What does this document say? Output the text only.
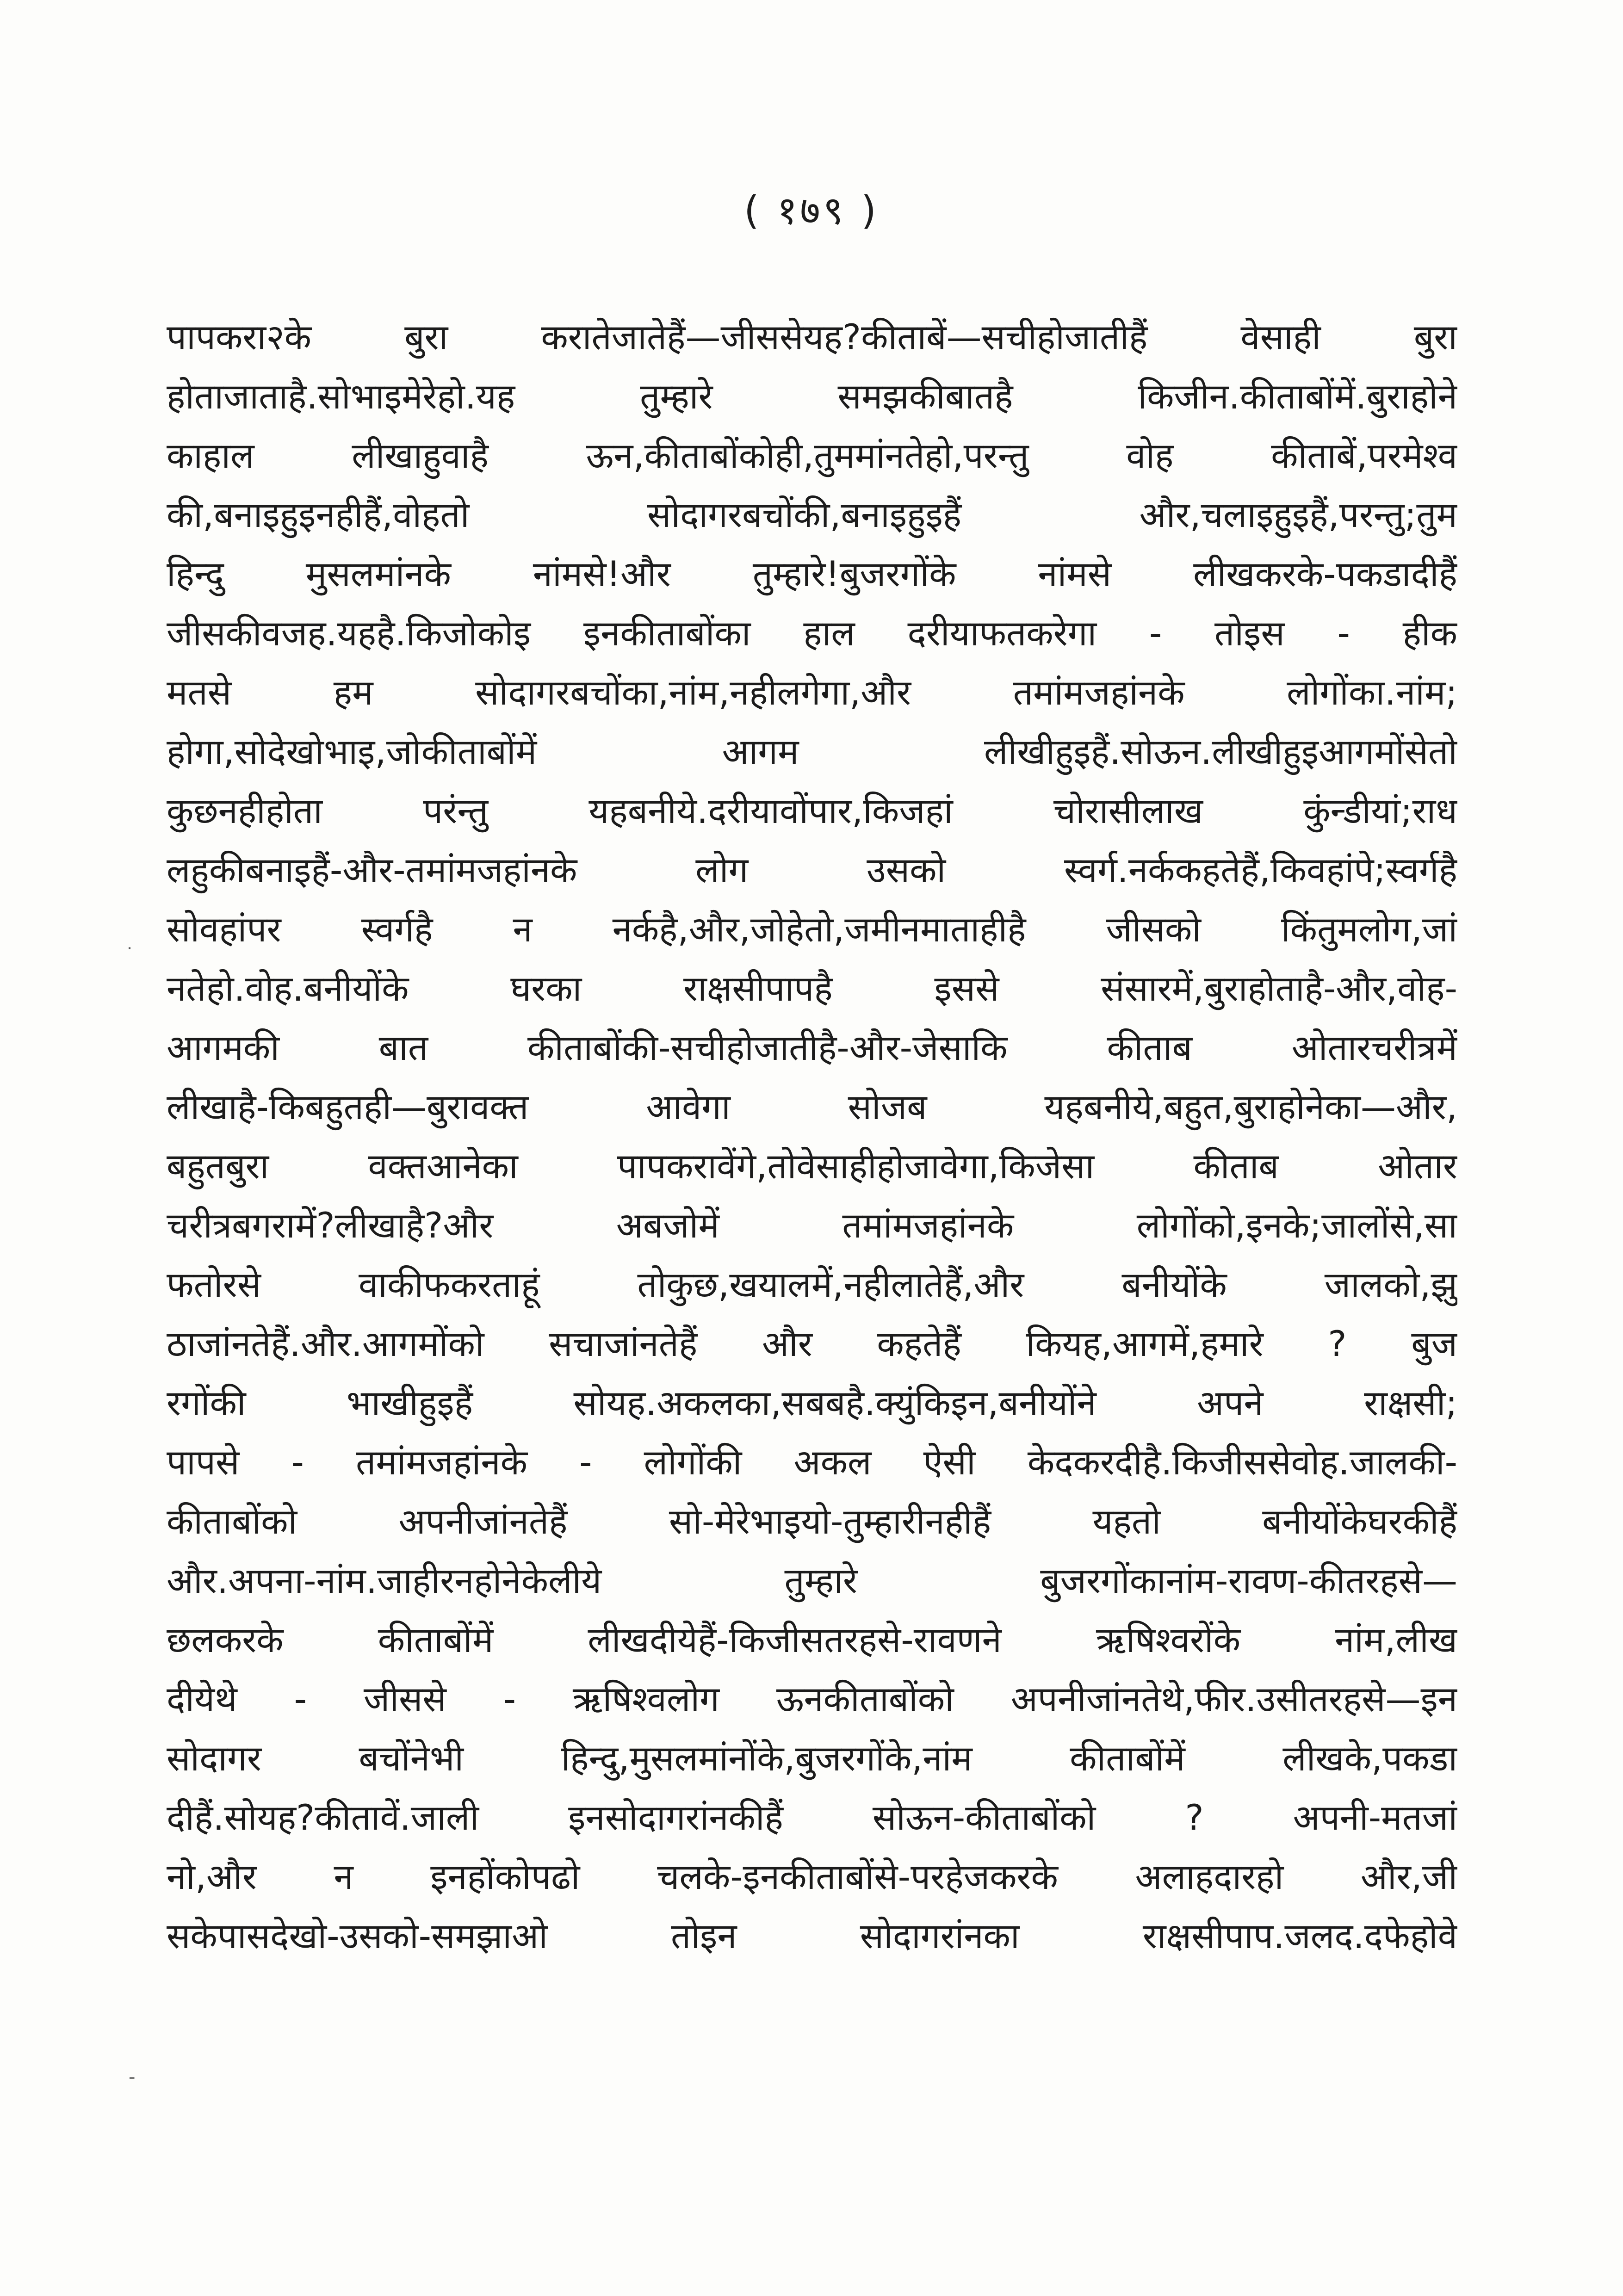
( १७९ )
˙
-
पापकरा२के बुरा करातेजातेहैं—जीससेयह?कीताबें—सचीहोजातीहैं वेसाही बुरा
होताजाताहै.सोभाइमेरेहो.यह तुम्हारे समझकीबातहै किजीन.कीताबोंमें.बुराहोने
काहाल लीखाहुवाहै ऊन,कीताबोंकोही,तुममांनतेहो,परन्तु वोह कीताबें,परमेश्व
की,बनाइहुइनहीहैं,वोहतो सोदागरबचोंकी,बनाइहुइहैं और,चलाइहुइहैं,परन्तु;तुम
हिन्दु मुसलमांनके नांमसे!और तुम्हारे!बुजरगोंके नांमसे लीखकरके-पकडादीहैं
जीसकीवजह.यहहै.किजोकोइ इनकीताबोंका हाल दरीयाफतकरेगा - तोइस - हीक
मतसे हम सोदागरबचोंका,नांम,नहीलगेगा,और तमांमजहांनके लोगोंका.नांम;
होगा,सोदेखोभाइ,जोकीताबोंमें आगम लीखीहुइहैं.सोऊन.लीखीहुइआगमोंसेतो
कुछनहीहोता परंन्तु यहबनीये.दरीयावोंपार,किजहां चोरासीलाख कुंन्डीयां;राध
लहुकीबनाइहैं-और-तमांमजहांनके लोग उसको स्वर्ग.नर्ककहतेहैं,किवहांपे;स्वर्गहै
सोवहांपर स्वर्गहै न नर्कहै,और,जोहेतो,जमीनमाताहीहै जीसको किंतुमलोग,जां
नतेहो.वोह.बनीयोंके घरका राक्षसीपापहै इससे संसारमें,बुराहोताहै-और,वोह-
आगमकी बात कीताबोंकी-सचीहोजातीहै-और-जेसाकि कीताब ओतारचरीत्रमें
लीखाहै-किबहुतही—बुरावक्त आवेगा सोजब यहबनीये,बहुत,बुराहोनेका—और,
बहुतबुरा वक्तआनेका पापकरावेंगे,तोवेसाहीहोजावेगा,किजेसा कीताब ओतार
चरीत्रबगरामें?लीखाहै?और अबजोमें तमांमजहांनके लोगोंको,इनके;जालोंसे,सा
फतोरसे वाकीफकरताहूं तोकुछ,खयालमें,नहीलातेहैं,और बनीयोंके जालको,झु
ठाजांनतेहैं.और.आगमोंको सचाजांनतेहैं और कहतेहैं कियह,आगमें,हमारे ? बुज
रगोंकी भाखीहुइहैं सोयह.अकलका,सबबहै.क्युंकिइन,बनीयोंने अपने राक्षसी;
पापसे - तमांमजहांनके - लोगोंकी अकल ऐसी केदकरदीहै.किजीससेवोह.जालकी-
कीताबोंको अपनीजांनतेहैं सो-मेरेभाइयो-तुम्हारीनहीहैं यहतो बनीयोंकेघरकीहैं
और.अपना-नांम.जाहीरनहोनेकेलीये तुम्हारे बुजरगोंकानांम-रावण-कीतरहसे—
छलकरके कीताबोंमें लीखदीयेहैं-किजीसतरहसे-रावणने ऋषिश्वरोंके नांम,लीख
दीयेथे - जीससे - ऋषिश्वलोग ऊनकीताबोंको अपनीजांनतेथे,फीर.उसीतरहसे—इन
सोदागर बचोंनेभी हिन्दु,मुसलमांनोंके,बुजरगोंके,नांम कीताबोंमें लीखके,पकडा
दीहैं.सोयह?कीतावें.जाली इनसोदागरांनकीहैं सोऊन-कीताबोंको ? अपनी-मतजां
नो,और न इनहोंकोपढो चलके-इनकीताबोंसे-परहेजकरके अलाहदारहो और,जी
सकेपासदेखो-उसको-समझाओ तोइन सोदागरांनका राक्षसीपाप.जलद.दफेहोवे
